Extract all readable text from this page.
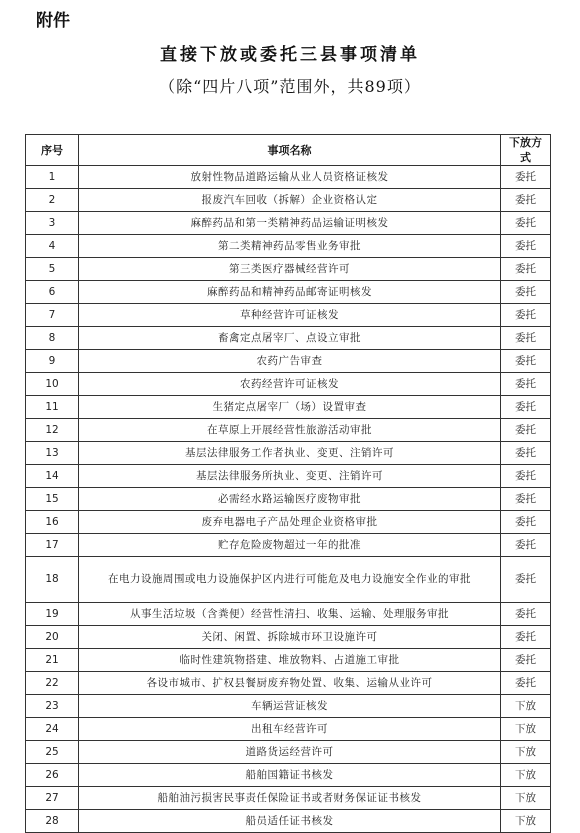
附件
直接下放或委托三县事项清单
（除“四片八项”范围外，共89项）
序号	事项名称	下放方式
1	放射性物品道路运输从业人员资格证核发	委托
2	报废汽车回收（拆解）企业资格认定	委托
3	麻醉药品和第一类精神药品运输证明核发	委托
4	第二类精神药品零售业务审批	委托
5	第三类医疗器械经营许可	委托
6	麻醉药品和精神药品邮寄证明核发	委托
7	草种经营许可证核发	委托
8	畜禽定点屠宰厂、点设立审批	委托
9	农药广告审查	委托
10	农药经营许可证核发	委托
11	生猪定点屠宰厂（场）设置审查	委托
12	在草原上开展经营性旅游活动审批	委托
13	基层法律服务工作者执业、变更、注销许可	委托
14	基层法律服务所执业、变更、注销许可	委托
15	必需经水路运输医疗废物审批	委托
16	废弃电器电子产品处理企业资格审批	委托
17	贮存危险废物超过一年的批准	委托
18	在电力设施周围或电力设施保护区内进行可能危及电力设施安全作业的审批	委托
19	从事生活垃圾（含粪便）经营性清扫、收集、运输、处理服务审批	委托
20	关闭、闲置、拆除城市环卫设施许可	委托
21	临时性建筑物搭建、堆放物料、占道施工审批	委托
22	各设市城市、扩权县餐厨废弃物处置、收集、运输从业许可	委托
23	车辆运营证核发	下放
24	出租车经营许可	下放
25	道路货运经营许可	下放
26	船舶国籍证书核发	下放
27	船舶油污损害民事责任保险证书或者财务保证证书核发	下放
28	船员适任证书核发	下放
